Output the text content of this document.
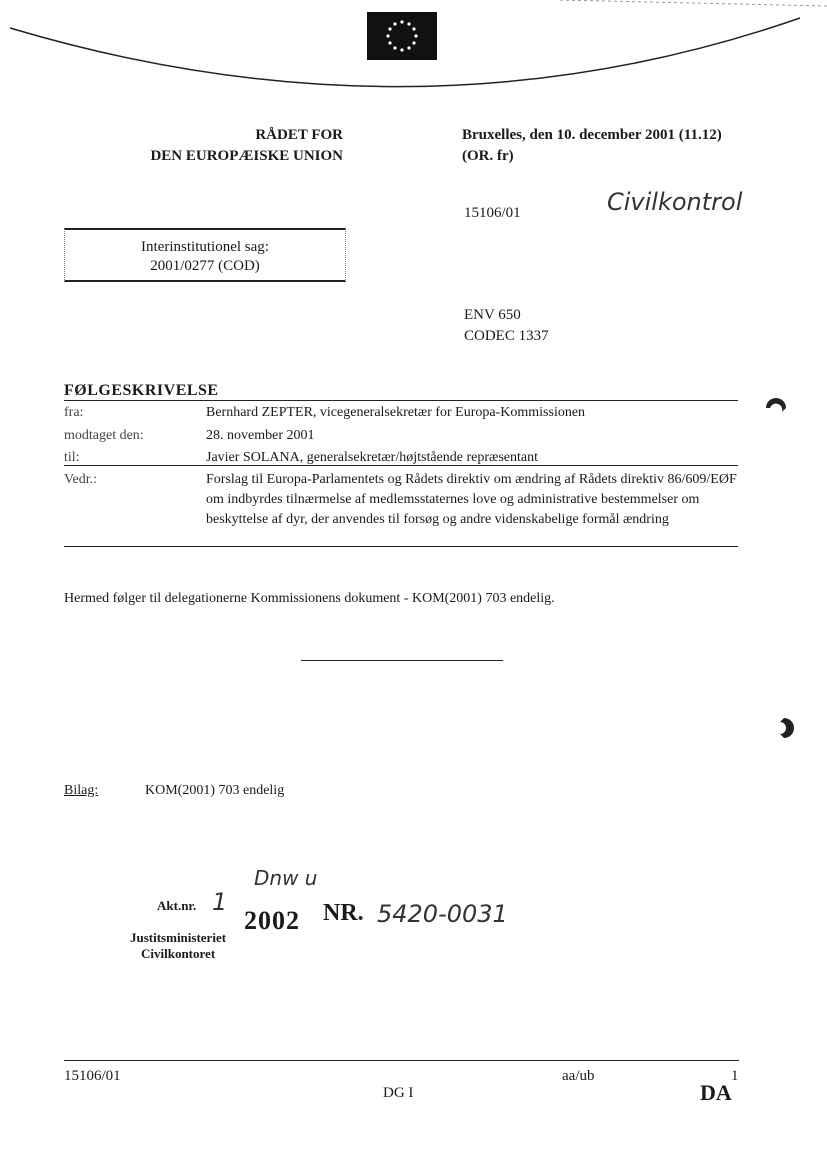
RÅDET FOR
DEN EUROPÆISKE UNION
Bruxelles, den 10. december 2001 (11.12)
(OR. fr)
15106/01	Civilkontrol
Interinstitutionel sag:
2001/0277 (COD)
ENV 650
CODEC 1337
FØLGESKRIVELSE
fra:	Bernhard ZEPTER, vicegeneralsekretær for Europa-Kommissionen
modtaget den:	28. november 2001
til:	Javier SOLANA, generalsekretær/højtstående repræsentant
Vedr.:	Forslag til Europa-Parlamentets og Rådets direktiv om ændring af Rådets direktiv 86/609/EØF om indbyrdes tilnærmelse af medlemsstaternes love og administrative bestemmelser om beskyttelse af dyr, der anvendes til forsøg og andre videnskabelige formål ændring
Hermed følger til delegationerne Kommissionens dokument - KOM(2001) 703 endelig.
Bilag:	KOM(2001) 703 endelig
Akt.nr. 1
Dnw u
Justitsministeriet
Civilkontoret
2002 NR. 5420-0031
15106/01	aa/ub	1
DG I	DA
